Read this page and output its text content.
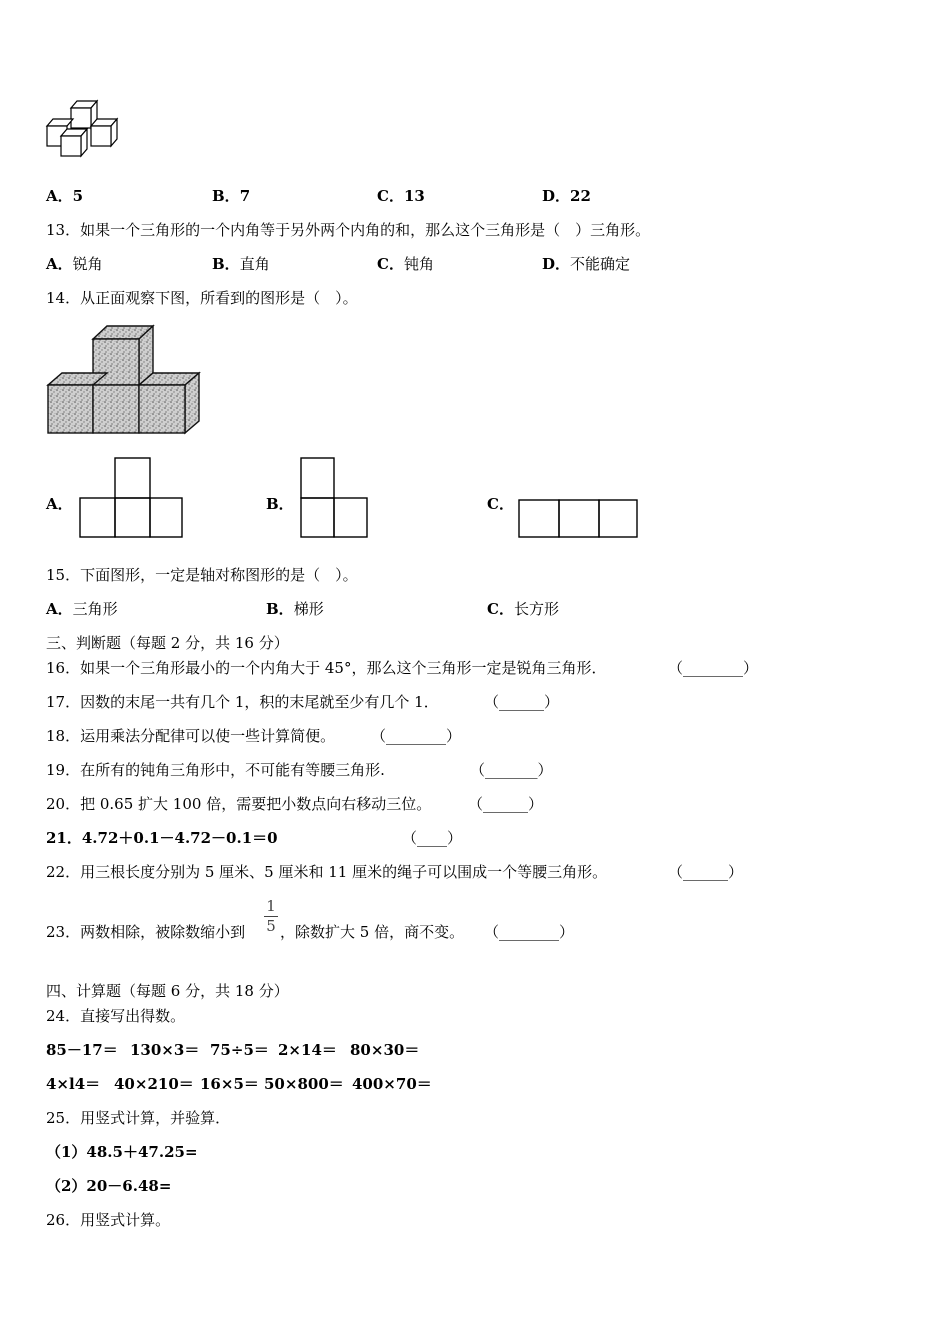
A．5	B．7	C．13	D．22
13．如果一个三角形的一个内角等于另外两个内角的和，那么这个三角形是（　）三角形。
A．锐角	B．直角	C．钝角	D．不能确定
14．从正面观察下图，所看到的图形是（　）。
A．	B．	C．
15．下面图形，一定是轴对称图形的是（　）。
A．三角形	B．梯形	C．长方形
三、判断题（每题 2 分，共 16 分）
16．如果一个三角形最小的一个内角大于 45°，那么这个三角形一定是锐角三角形．	（________）
17．因数的末尾一共有几个 1，积的末尾就至少有几个 1．	（______）
18．运用乘法分配律可以使一些计算简便。 （________）
19．在所有的钝角三角形中，不可能有等腰三角形.	（_______）
20．把 0.65 扩大 100 倍，需要把小数点向右移动三位。 （______）
21．4.72＋0.1－4.72－0.1＝0	（____）
22．用三根长度分别为 5 厘米、5 厘米和 11 厘米的绳子可以围成一个等腰三角形。	（______）
23．两数相除，被除数缩小到
1
5 ，除数扩大 5 倍，商不变。 （________）
四、计算题（每题 6 分，共 18 分）
24．直接写出得数。
85－17＝ 130×3＝ 75÷5＝ 2×14＝ 80×30＝
4×l4＝ 40×210＝ 16×5＝ 50×800＝ 400×70＝
25．用竖式计算，并验算．
（1）48.5＋47.25=
（2）20－6.48=
26．用竖式计算。
